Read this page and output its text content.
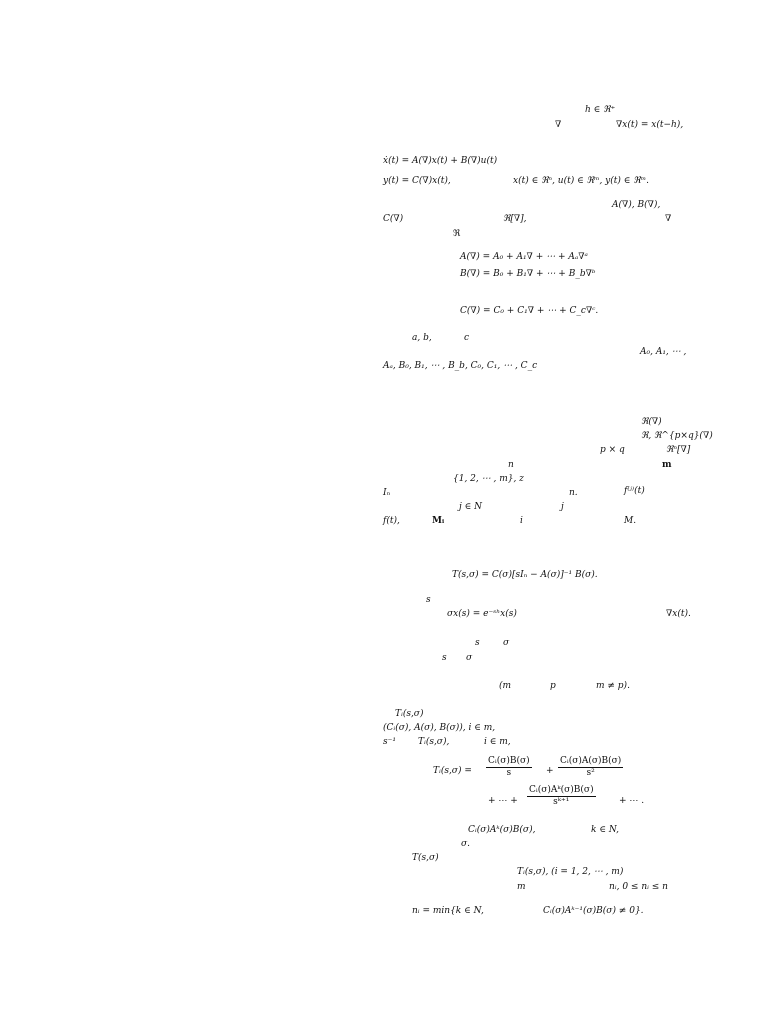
h ∈ ℜ⁺
∇	∇x(t) = x(t−h),
ẋ(t) = A(∇)x(t) + B(∇)u(t)
y(t) = C(∇)x(t),	x(t) ∈ ℜⁿ, u(t) ∈ ℜᵐ, y(t) ∈ ℜᵐ.
A(∇), B(∇),
C(∇)	ℜ[∇],	∇
ℜ
A(∇) = A₀ + A₁∇ + ⋯ + Aₐ∇ᵃ
B(∇) = B₀ + B₁∇ + ⋯ + B_b∇ᵇ
C(∇) = C₀ + C₁∇ + ⋯ + C_c∇ᶜ.
a, b,	c
A₀, A₁, ⋯ ,
Aₐ, B₀, B₁, ⋯ , B_b, C₀, C₁, ⋯ , C_c
ℜ(∇)
ℜ, ℜ^{p×q}(∇)
p × q	ℜⁿ[∇]
n	m
{1, 2, ⋯ , m}, z
Iₙ	n.	f⁽ʲ⁾(t)
j ∈ N	j
f(t),	Mᵢ	i	M.
T(s,σ) = C(σ)[sIₙ − A(σ)]⁻¹ B(σ).
s
σx(s) = e⁻ˢʰx(s)	∇x(t).
s	σ
s σ
(m	p	m ≠ p).
Tᵢ(s,σ)
(Cᵢ(σ), A(σ), B(σ)), i ∈ m,
s⁻¹ Tᵢ(s,σ),	i ∈ m,
Tᵢ(s,σ) = $\frac{\text{Cᵢ(σ)B(σ)}}{s} + \frac{\text{Cᵢ(σ)A(σ)B(σ)}}{\text{s²}}$
+ ⋯ + $\frac{\text{Cᵢ(σ)Aᵏ(σ)B(σ)}}{\text{sᵏ⁺¹}}$	+ ⋯ .
Cᵢ(σ)Aᵏ(σ)B(σ),	k ∈ N,
σ.
T(s,σ)
Tᵢ(s,σ), (i = 1, 2, ⋯ , m)
m	nᵢ, 0 ≤ nᵢ ≤ n
nᵢ = min{k ∈ N,	Cᵢ(σ)Aᵏ⁻¹(σ)B(σ) ≠ 0}.
